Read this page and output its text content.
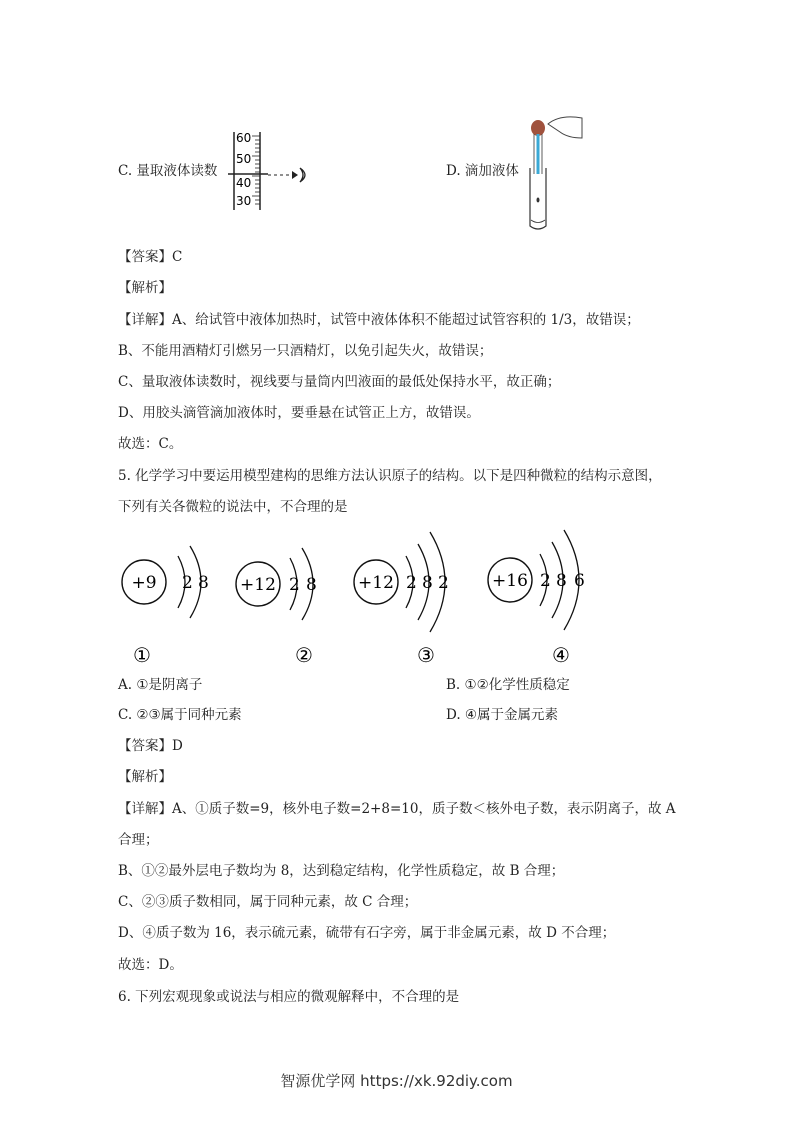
C. 量取液体读数
60
50
40
30
D. 滴加液体
【答案】C
【解析】
【详解】A、给试管中液体加热时，试管中液体体积不能超过试管容积的 1/3，故错误；
B、不能用酒精灯引燃另一只酒精灯，以免引起失火，故错误；
C、量取液体读数时，视线要与量筒内凹液面的最低处保持水平，故正确；
D、用胶头滴管滴加液体时，要垂悬在试管正上方，故错误。
故选：C。
5. 化学学习中要运用模型建构的思维方法认识原子的结构。以下是四种微粒的结构示意图，
下列有关各微粒的说法中，不合理的是
+9 2 8 +12 2 8 +12 2 8 2	+16 2 8 6
①	②	③	④
A. ①是阴离子	B. ①②化学性质稳定
C. ②③属于同种元素	D. ④属于金属元素
【答案】D
【解析】
【详解】A、①质子数=9，核外电子数=2+8=10，质子数＜核外电子数，表示阴离子，故 A
合理；
B、①②最外层电子数均为 8，达到稳定结构，化学性质稳定，故 B 合理；
C、②③质子数相同，属于同种元素，故 C 合理；
D、④质子数为 16，表示硫元素，硫带有石字旁，属于非金属元素，故 D 不合理；
故选：D。
6. 下列宏观现象或说法与相应的微观解释中，不合理的是
智源优学网 https://xk.92diy.com
